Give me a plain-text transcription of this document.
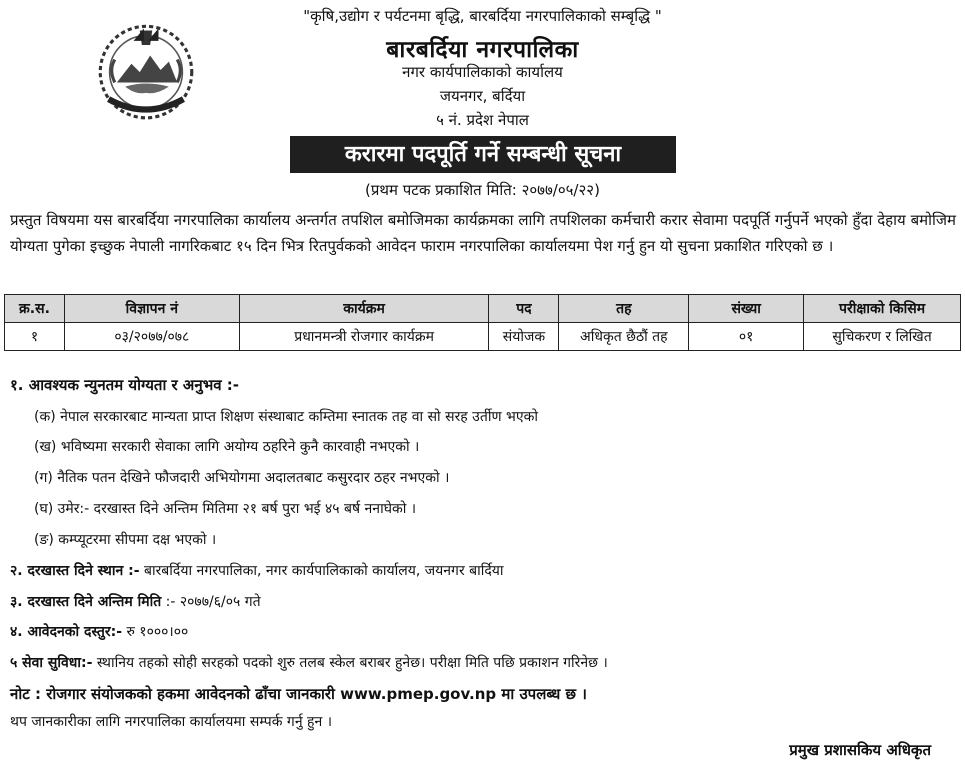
"कृषि,उद्योग र पर्यटनमा बृद्धि, बारबर्दिया नगरपालिकाको सम्बृद्धि "
बारबर्दिया नगरपालिका
नगर कार्यपालिकाको कार्यालय
जयनगर, बर्दिया
५ नं. प्रदेश नेपाल
करारमा पदपूर्ति गर्ने सम्बन्धी सूचना
(प्रथम पटक प्रकाशित मिति: २०७७/०५/२२)
प्रस्तुत विषयमा यस बारबर्दिया नगरपालिका कार्यालय अन्तर्गत तपशिल बमोजिमका कार्यक्रमका लागि तपशिलका कर्मचारी करार सेवामा पदपूर्ति गर्नुपर्ने भएको हुँदा देहाय बमोजिम योग्यता पुगेका इच्छुक नेपाली नागरिकबाट १५ दिन भित्र रितपुर्वकको आवेदन फाराम नगरपालिका कार्यालयमा पेश गर्नु हुन यो सुचना प्रकाशित गरिएको छ ।
क्र.स.	विज्ञापन नं	कार्यक्रम	पद	तह	संख्या	परीक्षाको किसिम
१	०३/२०७७/०७८	प्रधानमन्त्री रोजगार कार्यक्रम	संयोजक	अधिकृत छैठौं तह	०१	सुचिकरण र लिखित
१. आवश्यक न्युनतम योग्यता र अनुभव :-
(क) नेपाल सरकारबाट मान्यता प्राप्त शिक्षण संस्थाबाट कम्तिमा स्नातक तह वा सो सरह उर्तीण भएको
(ख) भविष्यमा सरकारी सेवाका लागि अयोग्य ठहरिने कुनै कारवाही नभएको ।
(ग) नैतिक पतन देखिने फौजदारी अभियोगमा अदालतबाट कसुरदार ठहर नभएको ।
(घ) उमेर:- दरखास्त दिने अन्तिम मितिमा २१ बर्ष पुरा भई ४५ बर्ष ननाघेको ।
(ङ) कम्प्यूटरमा सीपमा दक्ष भएको ।
२. दरखास्त दिने स्थान :- बारबर्दिया नगरपालिका, नगर कार्यपालिकाको कार्यालय, जयनगर बार्दिया
३. दरखास्त दिने अन्तिम मिति :- २०७७/६/०५ गते
४. आवेदनको दस्तुर:- रु १०००।००
५ सेवा सुविधा:- स्थानिय तहको सोही सरहको पदको शुरु तलब स्केल बराबर हुनेछ। परीक्षा मिति पछि प्रकाशन गरिनेछ ।
नोट : रोजगार संयोजकको हकमा आवेदनको ढाँचा जानकारी www.pmep.gov.np मा उपलब्ध छ ।
थप जानकारीका लागि नगरपालिका कार्यालयमा सम्पर्क गर्नु हुन ।
प्रमुख प्रशासकिय अधिकृत
